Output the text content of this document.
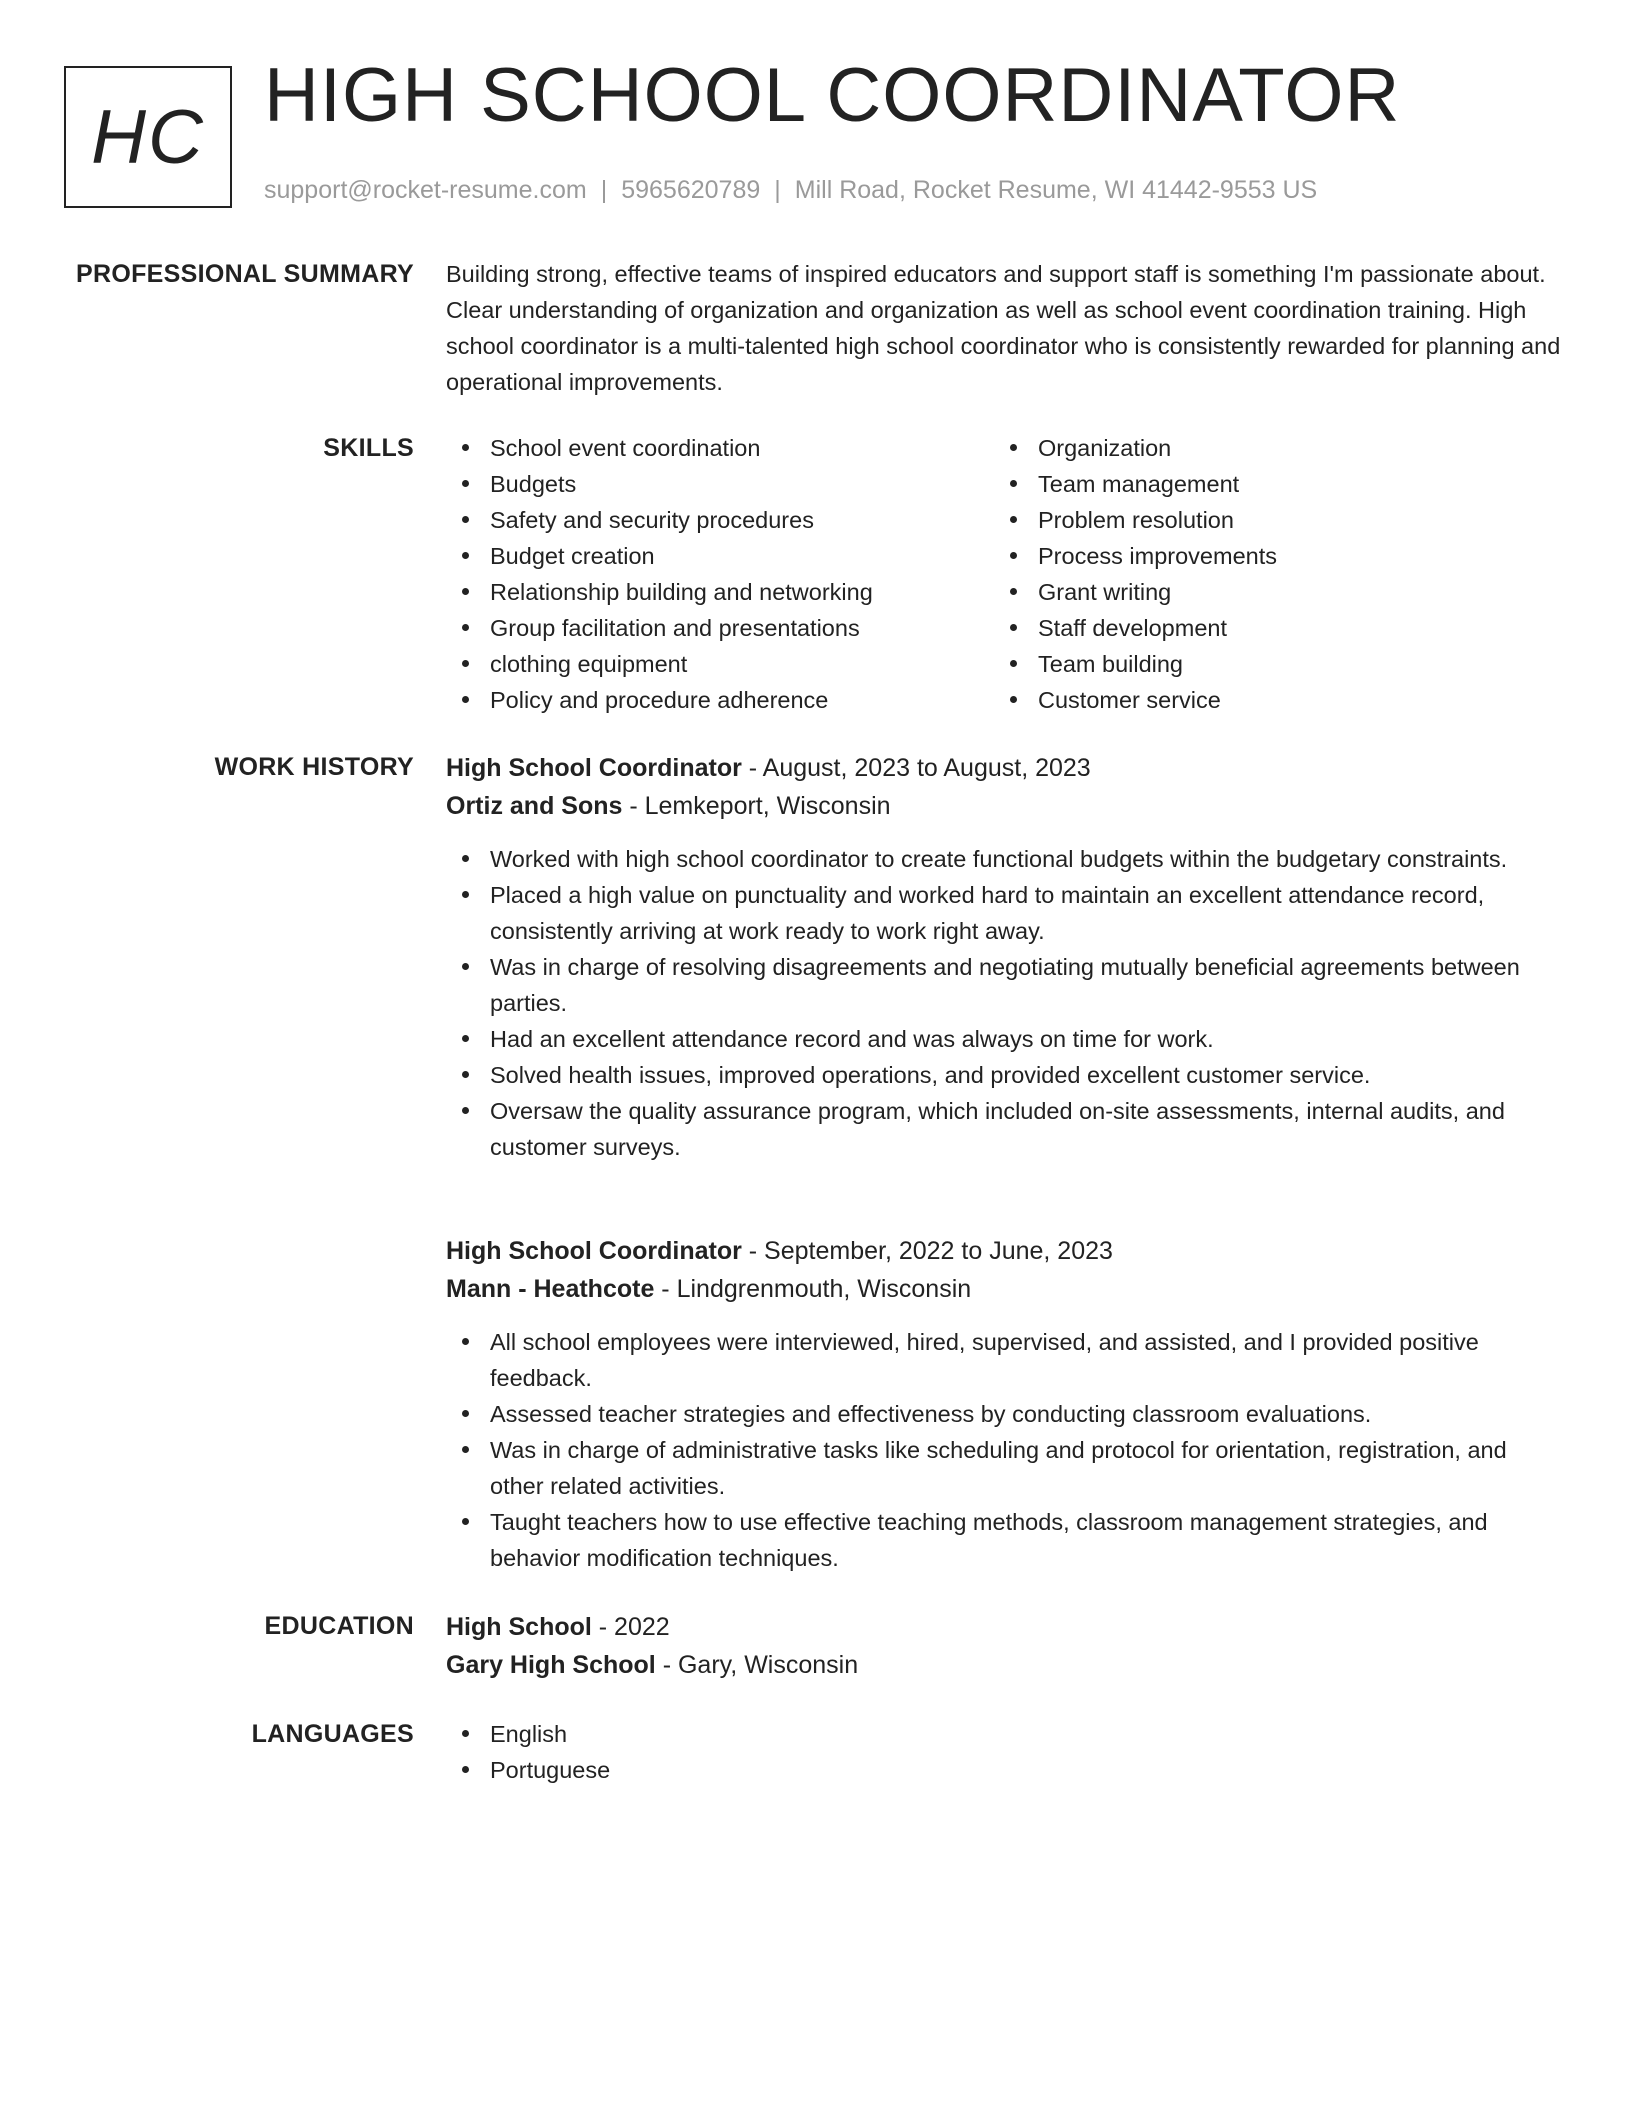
HC HIGH SCHOOL COORDINATOR
support@rocket-resume.com | 5965620789 | Mill Road, Rocket Resume, WI 41442-9553 US
PROFESSIONAL SUMMARY Building strong, effective teams of inspired educators and support staff is something I'm passionate about. Clear understanding of organization and organization as well as school event coordination training. High school coordinator is a multi-talented high school coordinator who is consistently rewarded for planning and operational improvements.

SKILLS	School event coordination
Budgets
Safety and security procedures
Budget creation
Relationship building and networking
Group facilitation and presentations
clothing equipment
Policy and procedure adherence
Organization
Team management
Problem resolution
Process improvements
Grant writing
Staff development
Team building
Customer service
WORK HISTORY High School Coordinator - August, 2023 to August, 2023
Ortiz and Sons - Lemkeport, Wisconsin
Worked with high school coordinator to create functional budgets within the budgetary constraints.
Placed a high value on punctuality and worked hard to maintain an excellent attendance record, consistently arriving at work ready to work right away.
Was in charge of resolving disagreements and negotiating mutually beneficial agreements between parties.
Had an excellent attendance record and was always on time for work.
Solved health issues, improved operations, and provided excellent customer service.
Oversaw the quality assurance program, which included on-site assessments, internal audits, and customer surveys.
High School Coordinator - September, 2022 to June, 2023
Mann - Heathcote - Lindgrenmouth, Wisconsin
All school employees were interviewed, hired, supervised, and assisted, and I provided positive feedback.
Assessed teacher strategies and effectiveness by conducting classroom evaluations.
Was in charge of administrative tasks like scheduling and protocol for orientation, registration, and other related activities.
Taught teachers how to use effective teaching methods, classroom management strategies, and behavior modification techniques.
EDUCATION High School - 2022
Gary High School - Gary, Wisconsin
LANGUAGES	English
Portuguese
